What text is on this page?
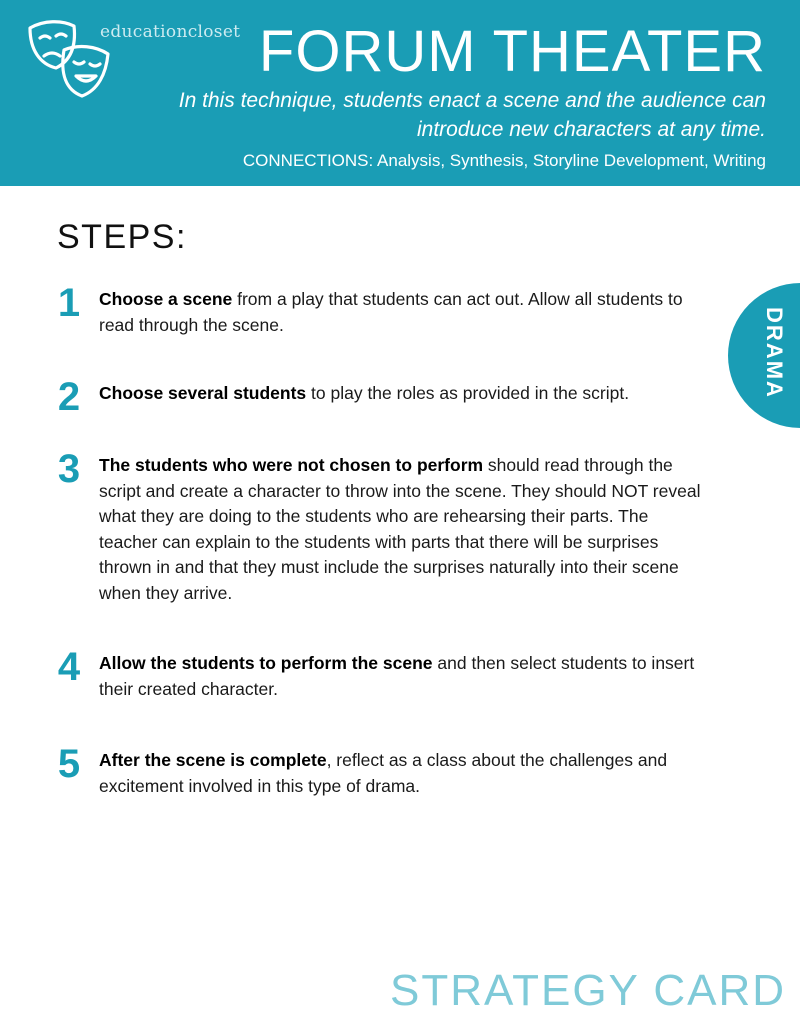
educationcloset FORUM THEATER
In this technique, students enact a scene and the audience can introduce new characters at any time.
CONNECTIONS: Analysis, Synthesis, Storyline Development, Writing
STEPS:
1	Choose a scene from a play that students can act out. Allow all students to read through the scene.
2	Choose several students to play the roles as provided in the script.
3	The students who were not chosen to perform should read through the script and create a character to throw into the scene. They should NOT reveal what they are doing to the students who are rehearsing their parts. The teacher can explain to the students with parts that there will be surprises thrown in and that they must include the surprises naturally into their scene when they arrive.
4	Allow the students to perform the scene and then select students to insert their created character.
5	After the scene is complete, reflect as a class about the challenges and excitement involved in this type of drama.
DRAMA
STRATEGY CARD
